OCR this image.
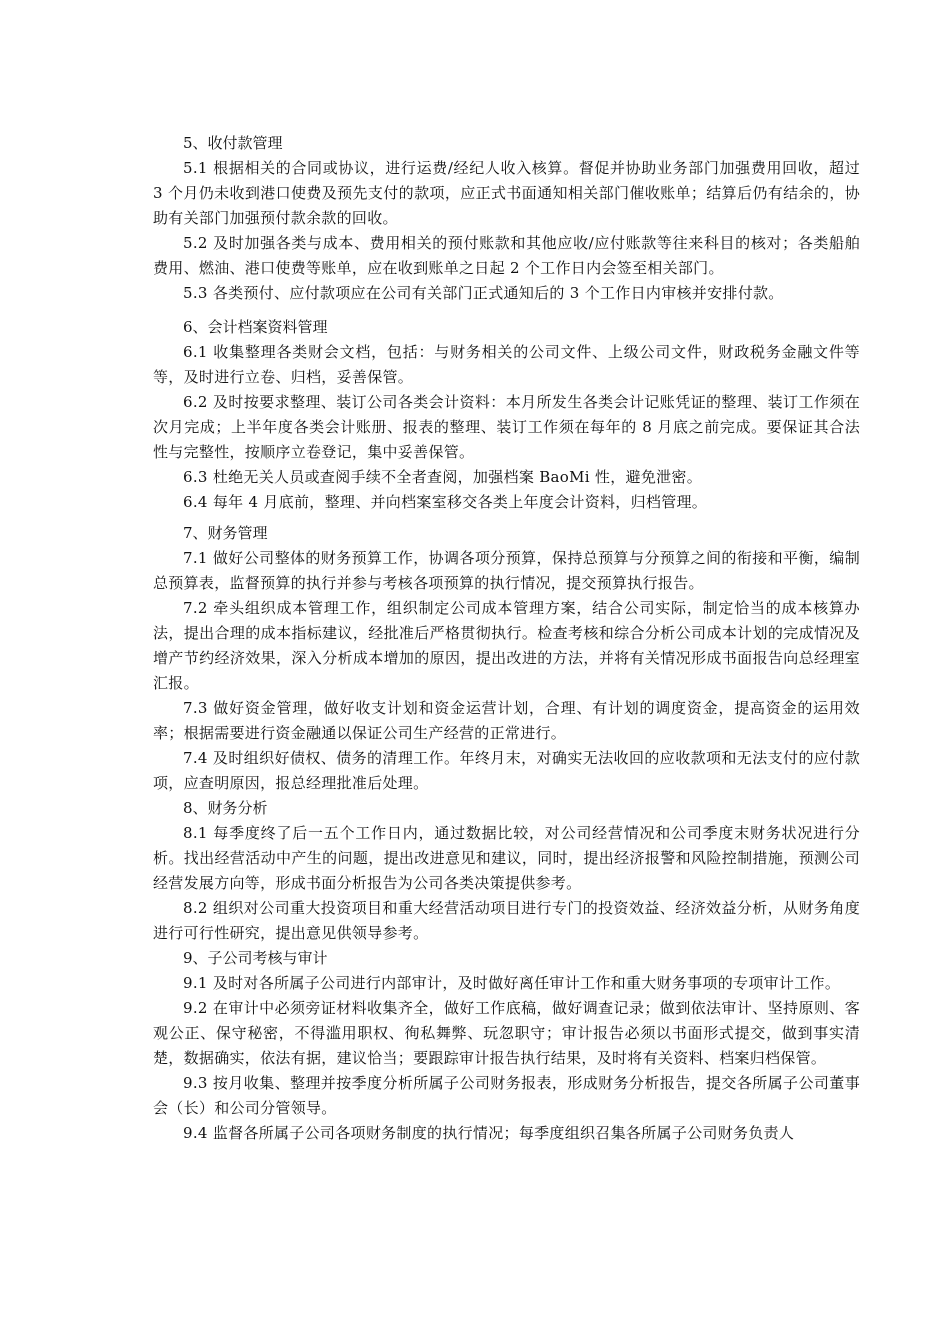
5、收付款管理

5.1 根据相关的合同或协议，进行运费/经纪人收入核算。督促并协助业务部门加强费用回收，超过 3 个月仍未收到港口使费及预先支付的款项，应正式书面通知相关部门催收账单；结算后仍有结余的，协助有关部门加强预付款余款的回收。

5.2 及时加强各类与成本、费用相关的预付账款和其他应收/应付账款等往来科目的核对；各类船舶费用、燃油、港口使费等账单，应在收到账单之日起 2 个工作日内会签至相关部门。

5.3 各类预付、应付款项应在公司有关部门正式通知后的 3 个工作日内审核并安排付款。

6、会计档案资料管理

6.1 收集整理各类财会文档，包括：与财务相关的公司文件、上级公司文件，财政税务金融文件等等，及时进行立卷、归档，妥善保管。

6.2 及时按要求整理、装订公司各类会计资料：本月所发生各类会计记账凭证的整理、装订工作须在次月完成；上半年度各类会计账册、报表的整理、装订工作须在每年的 8 月底之前完成。要保证其合法性与完整性，按顺序立卷登记，集中妥善保管。

6.3 杜绝无关人员或查阅手续不全者查阅，加强档案 BaoMi 性，避免泄密。

6.4 每年 4 月底前，整理、并向档案室移交各类上年度会计资料，归档管理。

7、财务管理

7.1 做好公司整体的财务预算工作，协调各项分预算，保持总预算与分预算之间的衔接和平衡，编制总预算表，监督预算的执行并参与考核各项预算的执行情况，提交预算执行报告。

7.2 牵头组织成本管理工作，组织制定公司成本管理方案，结合公司实际，制定恰当的成本核算办法，提出合理的成本指标建议，经批准后严格贯彻执行。检查考核和综合分析公司成本计划的完成情况及增产节约经济效果，深入分析成本增加的原因，提出改进的方法，并将有关情况形成书面报告向总经理室汇报。

7.3 做好资金管理，做好收支计划和资金运营计划，合理、有计划的调度资金，提高资金的运用效率；根据需要进行资金融通以保证公司生产经营的正常进行。

7.4 及时组织好债权、债务的清理工作。年终月末，对确实无法收回的应收款项和无法支付的应付款项，应查明原因，报总经理批准后处理。

8、财务分析

8.1 每季度终了后一五个工作日内，通过数据比较，对公司经营情况和公司季度末财务状况进行分析。找出经营活动中产生的问题，提出改进意见和建议，同时，提出经济报警和风险控制措施，预测公司经营发展方向等，形成书面分析报告为公司各类决策提供参考。

8.2 组织对公司重大投资项目和重大经营活动项目进行专门的投资效益、经济效益分析，从财务角度进行可行性研究，提出意见供领导参考。

9、子公司考核与审计

9.1 及时对各所属子公司进行内部审计，及时做好离任审计工作和重大财务事项的专项审计工作。

9.2 在审计中必须旁证材料收集齐全，做好工作底稿，做好调查记录；做到依法审计、坚持原则、客观公正、保守秘密，不得滥用职权、徇私舞弊、玩忽职守；审计报告必须以书面形式提交，做到事实清楚，数据确实，依法有据，建议恰当；要跟踪审计报告执行结果，及时将有关资料、档案归档保管。

9.3 按月收集、整理并按季度分析所属子公司财务报表，形成财务分析报告，提交各所属子公司董事会（长）和公司分管领导。

9.4 监督各所属子公司各项财务制度的执行情况；每季度组织召集各所属子公司财务负责人
